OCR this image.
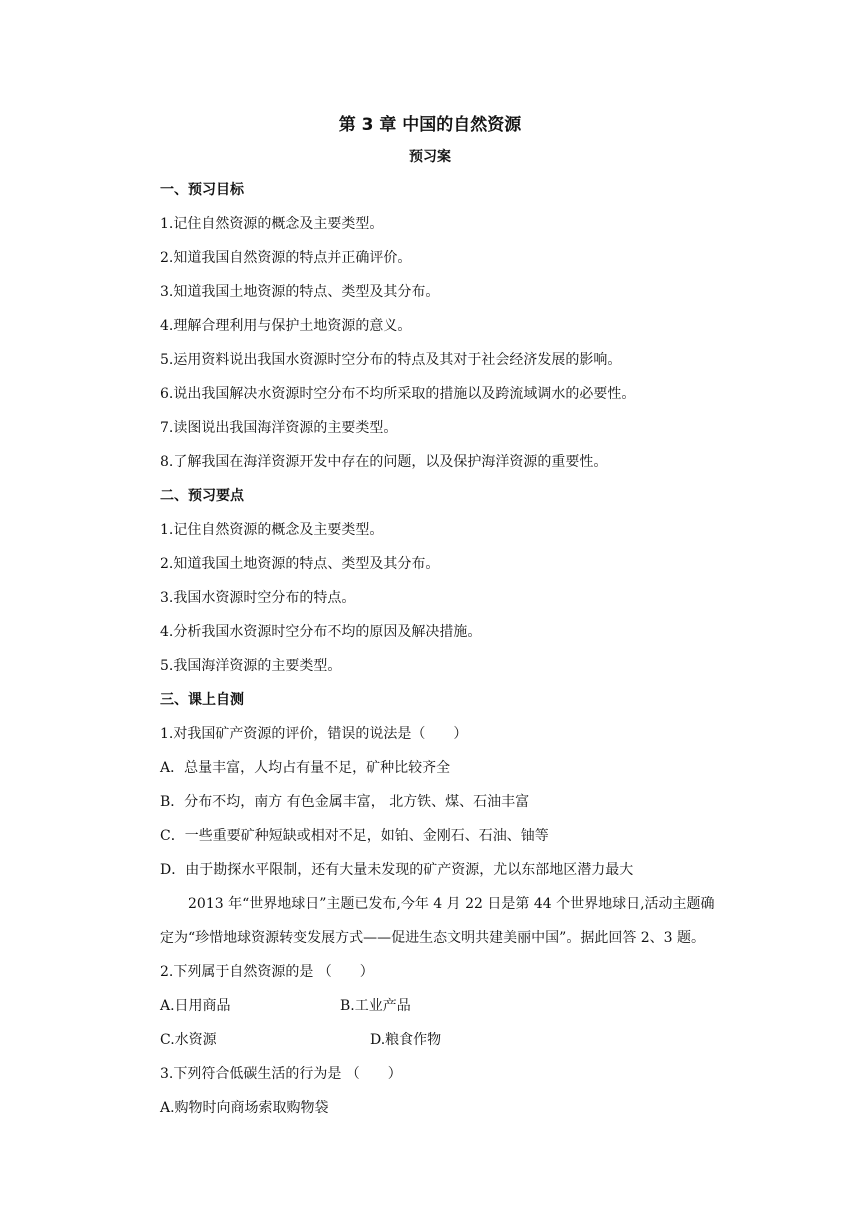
第 3 章 中国的自然资源
预习案
一、预习目标
1.记住自然资源的概念及主要类型。
2.知道我国自然资源的特点并正确评价。
3.知道我国土地资源的特点、类型及其分布。
4.理解合理利用与保护土地资源的意义。
5.运用资料说出我国水资源时空分布的特点及其对于社会经济发展的影响。
6.说出我国解决水资源时空分布不均所采取的措施以及跨流域调水的必要性。
7.读图说出我国海洋资源的主要类型。
8.了解我国在海洋资源开发中存在的问题，以及保护海洋资源的重要性。
二、预习要点
1.记住自然资源的概念及主要类型。
2.知道我国土地资源的特点、类型及其分布。
3.我国水资源时空分布的特点。
4.分析我国水资源时空分布不均的原因及解决措施。
5.我国海洋资源的主要类型。
三、课上自测
1.对我国矿产资源的评价，错误的说法是（　　）
A．总量丰富，人均占有量不足，矿种比较齐全
B．分布不均，南方 有色金属丰富， 北方铁、煤、石油丰富
C．一些重要矿种短缺或相对不足，如铂、金刚石、石油、铀等
D．由于勘探水平限制，还有大量未发现的矿产资源，尤以东部地区潜力最大
2013 年“世界地球日”主题已发布,今年 4 月 22 日是第 44 个世界地球日,活动主题确
定为“珍惜地球资源转变发展方式——促进生态文明共建美丽中国”。据此回答 2、3 题。
2.下列属于自然资源的是 （　　）
A.日用商品	B.工业产品
C.水资源	D.粮食作物
3.下列符合低碳生活的行为是 （　　）
A.购物时向商场索取购物袋
